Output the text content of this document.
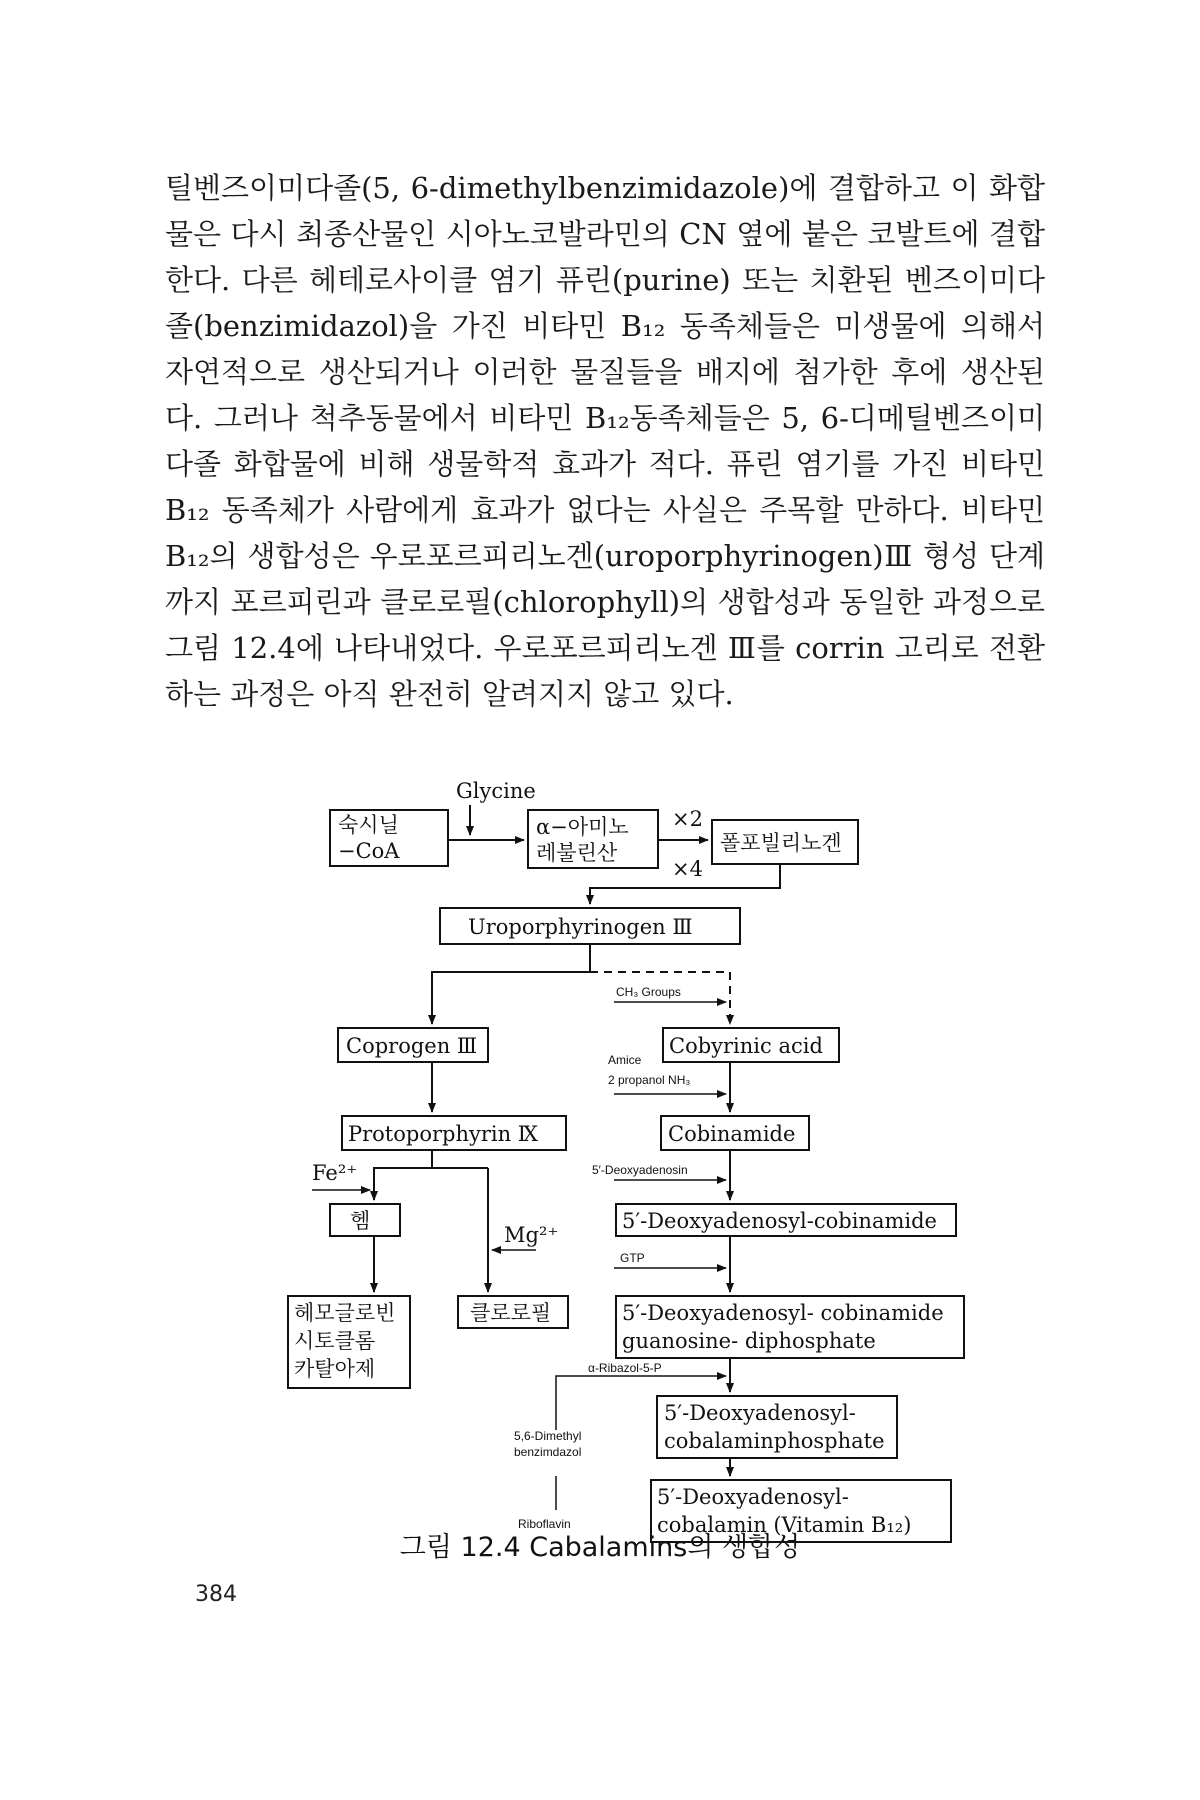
틸벤즈이미다졸(5, 6-dimethylbenzimidazole)에 결합하고 이 화합물은 다시 최종산물인 시아노코발라민의 CN 옆에 붙은 코발트에 결합한다. 다른 헤테로사이클 염기 퓨린(purine) 또는 치환된 벤즈이미다졸(benzimidazol)을 가진 비타민 B₁₂ 동족체들은 미생물에 의해서 자연적으로 생산되거나 이러한 물질들을 배지에 첨가한 후에 생산된다. 그러나 척추동물에서 비타민 B₁₂동족체들은 5, 6-디메틸벤즈이미다졸 화합물에 비해 생물학적 효과가 적다. 퓨린 염기를 가진 비타민 B₁₂ 동족체가 사람에게 효과가 없다는 사실은 주목할 만하다. 비타민 B₁₂의 생합성은 우로포르피리노겐(uroporphyrinogen)Ⅲ 형성 단계까지 포르피린과 클로로필(chlorophyll)의 생합성과 동일한 과정으로 그림 12.4에 나타내었다. 우로포르피리노겐 Ⅲ를 corrin 고리로 전환하는 과정은 아직 완전히 알려지지 않고 있다.
Glycine
숙시닐
−CoA
α−아미노
레불린산
×2
×4
폴포빌리노겐
Uroporphyrinogen Ⅲ
CH₃ Groups
Coprogen Ⅲ	Cobyrinic acid
Amice
2 propanol NH₃
Protoporphyrin Ⅸ	Cobinamide
Fe²⁺	5′-Deoxyadenosin
헴
Mg²⁺
5′-Deoxyadenosyl-cobinamide
GTP
헤모글로빈
시토클롬
카탈아제
클로로필	5′-Deoxyadenosyl- cobinamide
guanosine- diphosphate
α-Ribazol-5-P
5,6-Dimethyl
benzimdazol
5′-Deoxyadenosyl-
cobalaminphosphate
Riboflavin
5′-Deoxyadenosyl-
cobalamin (Vitamin B₁₂)
그림 12.4 Cabalamins의 생합성
384
